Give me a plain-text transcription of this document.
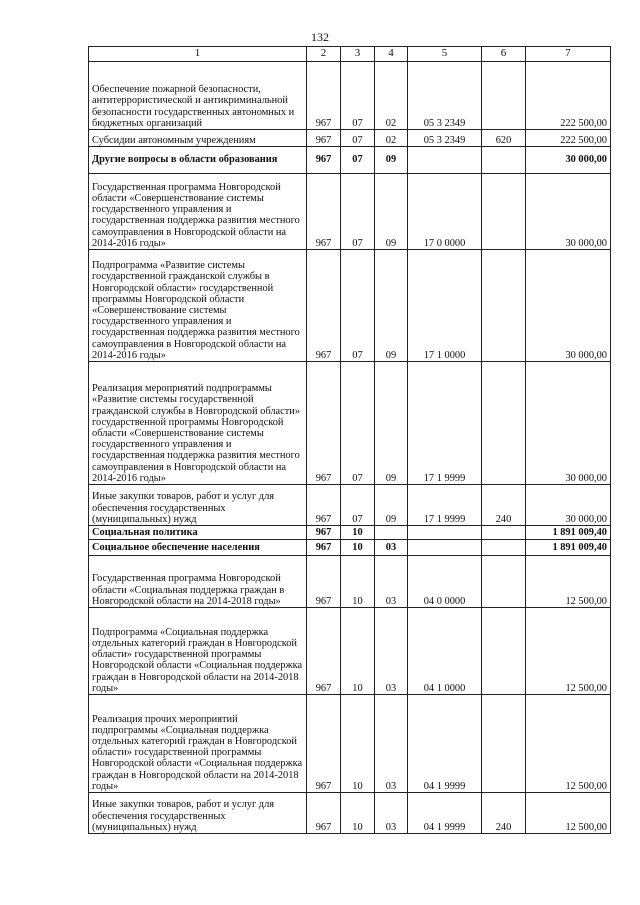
132
1	2	3	4	5	6	7
Обеспечение пожарной безопасности, антитеррористической и антикриминальной безопасности государственных автономных и бюджетных организаций	967	07	02	05 3 2349		222 500,00
Субсидии автономным учреждениям	967	07	02	05 3 2349	620	222 500,00
Другие вопросы в области образования	967	07	09			30 000,00
Государственная программа Новгородской области «Совершенствование системы государственного управления и государственная поддержка развития местного самоуправления в Новгородской области на 2014-2016 годы»	967	07	09	17 0 0000		30 000,00
Подпрограмма «Развитие системы государственной гражданской службы в Новгородской области» государственной программы Новгородской области «Совершенствование системы государственного управления и государственная поддержка развития местного самоуправления в Новгородской области на 2014-2016 годы»	967	07	09	17 1 0000		30 000,00
Реализация мероприятий подпрограммы «Развитие системы государственной гражданской службы в Новгородской области» государственной программы Новгородской области «Совершенствование системы государственного управления и государственная поддержка развития местного самоуправления в Новгородской области на 2014-2016 годы»	967	07	09	17 1 9999		30 000,00
Иные закупки товаров, работ и услуг для обеспечения государственных (муниципальных) нужд	967	07	09	17 1 9999	240	30 000,00
Социальная политика	967	10				1 891 009,40
Социальное обеспечение населения	967	10	03			1 891 009,40
Государственная программа Новгородской области «Социальная поддержка граждан в Новгородской области на 2014-2018 годы»	967	10	03	04 0 0000		12 500,00
Подпрограмма «Социальная поддержка отдельных категорий граждан в Новгородской области» государственной программы Новгородской области «Социальная поддержка граждан в Новгородской области на 2014-2018 годы»	967	10	03	04 1 0000		12 500,00
Реализация прочих мероприятий подпрограммы «Социальная поддержка отдельных категорий граждан в Новгородской области» государственной программы Новгородской области «Социальная поддержка граждан в Новгородской области на 2014-2018 годы»	967	10	03	04 1 9999		12 500,00
Иные закупки товаров, работ и услуг для обеспечения государственных (муниципальных) нужд	967	10	03	04 1 9999	240	12 500,00
